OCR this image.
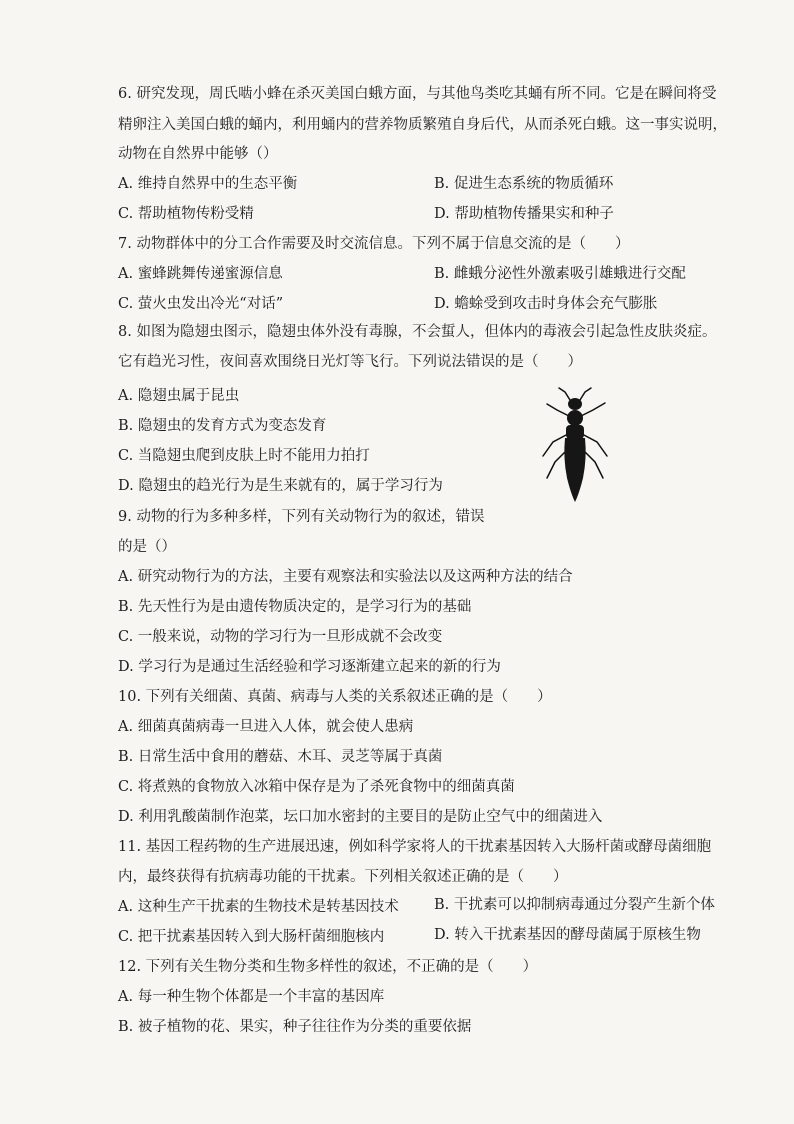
6. 研究发现，周氏啮小蜂在杀灭美国白蛾方面，与其他鸟类吃其蛹有所不同。它是在瞬间将受
精卵注入美国白蛾的蛹内，利用蛹内的营养物质繁殖自身后代，从而杀死白蛾。这一事实说明，
动物在自然界中能够（）
A. 维持自然界中的生态平衡	B. 促进生态系统的物质循环
C. 帮助植物传粉受精	D. 帮助植物传播果实和种子
7. 动物群体中的分工合作需要及时交流信息。下列不属于信息交流的是（　　）
A. 蜜蜂跳舞传递蜜源信息	B. 雌蛾分泌性外激素吸引雄蛾进行交配
C. 萤火虫发出冷光“对话”	D. 蟾蜍受到攻击时身体会充气膨胀
8. 如图为隐翅虫图示，隐翅虫体外没有毒腺，不会蜇人，但体内的毒液会引起急性皮肤炎症。
它有趋光习性，夜间喜欢围绕日光灯等飞行。下列说法错误的是（　　）
A. 隐翅虫属于昆虫
B. 隐翅虫的发育方式为变态发育
C. 当隐翅虫爬到皮肤上时不能用力拍打
D. 隐翅虫的趋光行为是生来就有的，属于学习行为
9. 动物的行为多种多样，下列有关动物行为的叙述，错误
的是（）
A. 研究动物行为的方法，主要有观察法和实验法以及这两种方法的结合
B. 先天性行为是由遗传物质决定的，是学习行为的基础
C. 一般来说，动物的学习行为一旦形成就不会改变
D. 学习行为是通过生活经验和学习逐渐建立起来的新的行为
10. 下列有关细菌、真菌、病毒与人类的关系叙述正确的是（　　）
A. 细菌真菌病毒一旦进入人体，就会使人患病
B. 日常生活中食用的蘑菇、木耳、灵芝等属于真菌
C. 将煮熟的食物放入冰箱中保存是为了杀死食物中的细菌真菌
D. 利用乳酸菌制作泡菜，坛口加水密封的主要目的是防止空气中的细菌进入
11. 基因工程药物的生产进展迅速，例如科学家将人的干扰素基因转入大肠杆菌或酵母菌细胞
内，最终获得有抗病毒功能的干扰素。下列相关叙述正确的是（　　）
A. 这种生产干扰素的生物技术是转基因技术 B. 干扰素可以抑制病毒通过分裂产生新个体
C. 把干扰素基因转入到大肠杆菌细胞核内	D. 转入干扰素基因的酵母菌属于原核生物
12. 下列有关生物分类和生物多样性的叙述，不正确的是（　　）
A. 每一种生物个体都是一个丰富的基因库
B. 被子植物的花、果实，种子往往作为分类的重要依据
